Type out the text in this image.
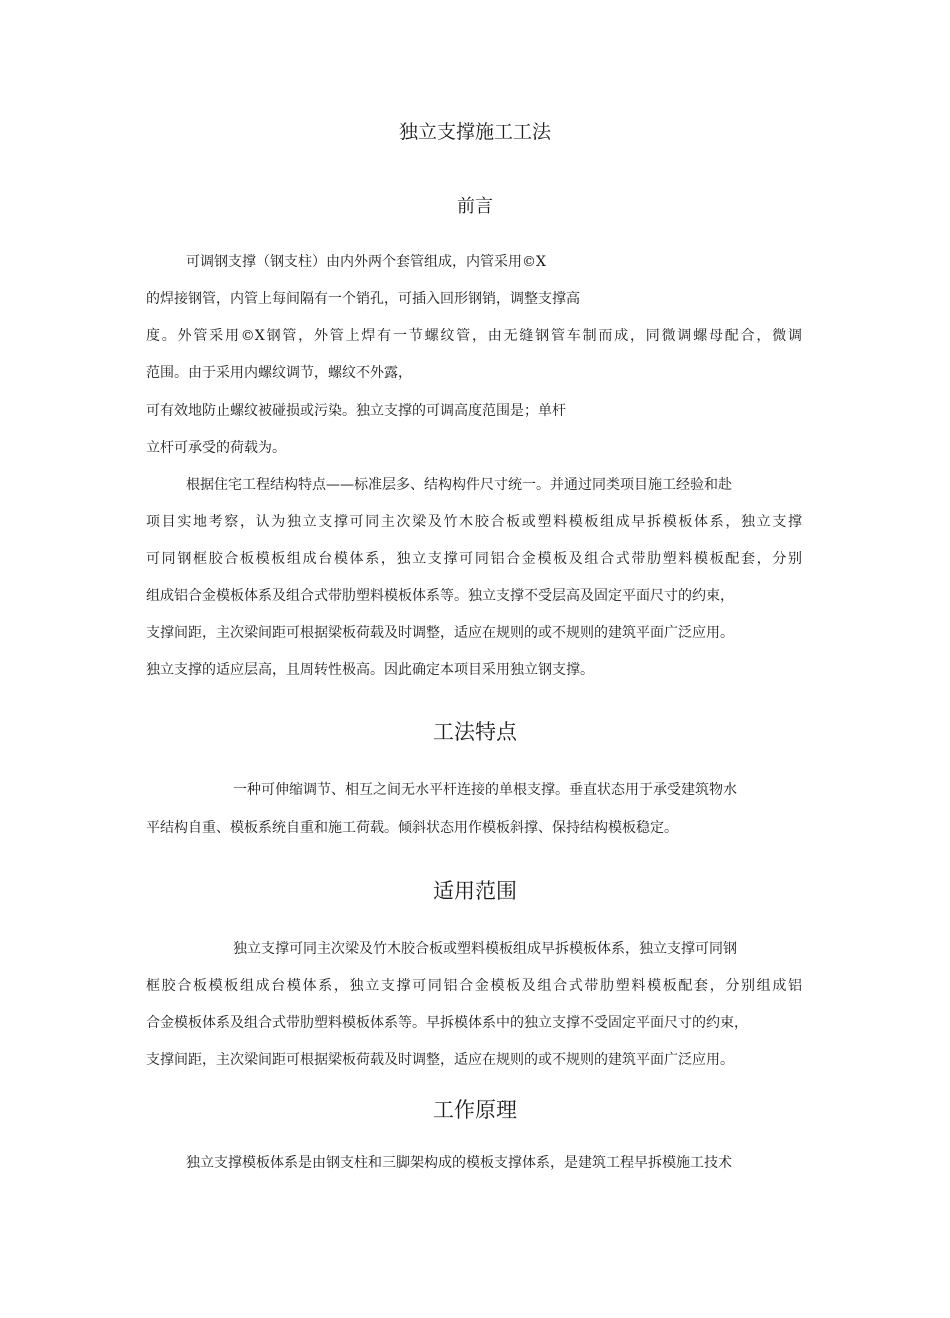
独立支撑施工工法
前言
可调钢支撑（钢支柱）由内外两个套管组成，内管采用©X
的焊接钢管，内管上每间隔有一个销孔，可插入回形钢销，调整支撑高
度。外管采用©X钢管，外管上焊有一节螺纹管，由无缝钢管车制而成，同微调螺母配合，微调
范围。由于采用内螺纹调节，螺纹不外露，
可有效地防止螺纹被碰损或污染。独立支撑的可调高度范围是；单杆
立杆可承受的荷载为。
根据住宅工程结构特点——标准层多、结构构件尺寸统一。并通过同类项目施工经验和赴
项目实地考察，认为独立支撑可同主次梁及竹木胶合板或塑料模板组成早拆模板体系，独立支撑
可同钢框胶合板模板组成台模体系，独立支撑可同铝合金模板及组合式带肋塑料模板配套，分别
组成铝合金模板体系及组合式带肋塑料模板体系等。独立支撑不受层高及固定平面尺寸的约束，
支撑间距，主次梁间距可根据梁板荷载及时调整，适应在规则的或不规则的建筑平面广泛应用。
独立支撑的适应层高，且周转性极高。因此确定本项目采用独立钢支撑。
工法特点
一种可伸缩调节、相互之间无水平杆连接的单根支撑。垂直状态用于承受建筑物水
平结构自重、模板系统自重和施工荷载。倾斜状态用作模板斜撑、保持结构模板稳定。
适用范围
独立支撑可同主次梁及竹木胶合板或塑料模板组成早拆模板体系，独立支撑可同钢
框胶合板模板组成台模体系，独立支撑可同铝合金模板及组合式带肋塑料模板配套，分别组成铝
合金模板体系及组合式带肋塑料模板体系等。早拆模体系中的独立支撑不受固定平面尺寸的约束，
支撑间距，主次梁间距可根据梁板荷载及时调整，适应在规则的或不规则的建筑平面广泛应用。
工作原理
独立支撑模板体系是由钢支柱和三脚架构成的模板支撑体系，是建筑工程早拆模施工技术
